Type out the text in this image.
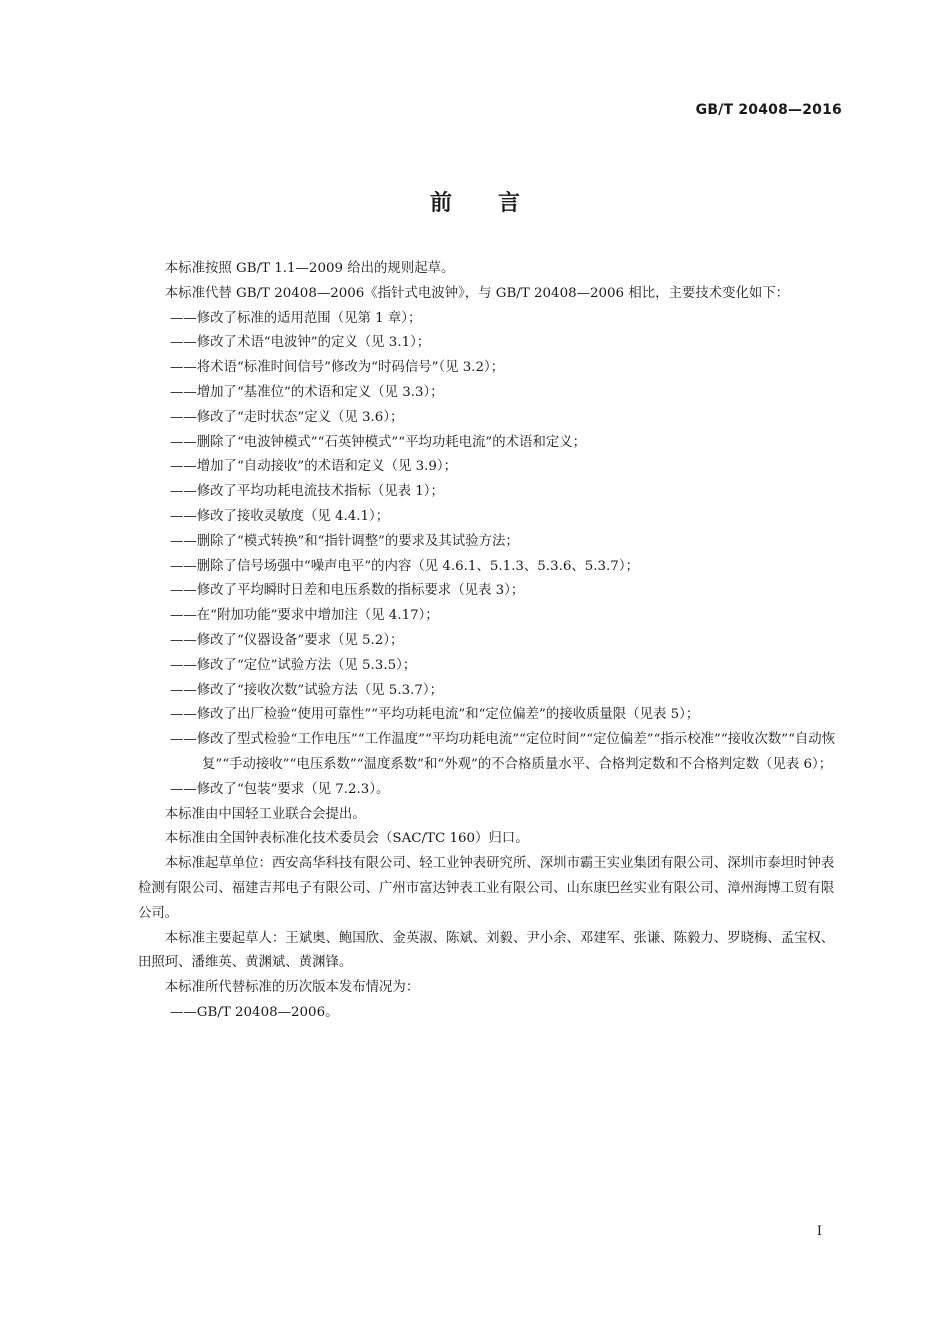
GB/T 20408—2016
前言

本标准按照 GB/T 1.1—2009 给出的规则起草。

本标准代替 GB/T 20408—2006《指针式电波钟》，与 GB/T 20408—2006 相比，主要技术变化如下：

——修改了标准的适用范围（见第 1 章）；

——修改了术语“电波钟”的定义（见 3.1）；

——将术语“标准时间信号”修改为“时码信号”（见 3.2）；

——增加了“基准位”的术语和定义（见 3.3）；

——修改了“走时状态”定义（见 3.6）；

——删除了“电波钟模式”“石英钟模式”“平均功耗电流”的术语和定义；

——增加了“自动接收”的术语和定义（见 3.9）；

——修改了平均功耗电流技术指标（见表 1）；

——修改了接收灵敏度（见 4.4.1）；

——删除了“模式转换”和“指针调整”的要求及其试验方法；

——删除了信号场强中“噪声电平”的内容（见 4.6.1、5.1.3、5.3.6、5.3.7）；

——修改了平均瞬时日差和电压系数的指标要求（见表 3）；

——在“附加功能”要求中增加注（见 4.17）；

——修改了“仪器设备”要求（见 5.2）；

——修改了“定位”试验方法（见 5.3.5）；

——修改了“接收次数”试验方法（见 5.3.7）；

——修改了出厂检验“使用可靠性”“平均功耗电流”和“定位偏差”的接收质量限（见表 5）；

——修改了型式检验“工作电压”“工作温度”“平均功耗电流”“定位时间”“定位偏差”“指示校准”“接收次数”“自动恢复”“手动接收”“电压系数”“温度系数”和“外观”的不合格质量水平、合格判定数和不合格判定数（见表 6）；

——修改了“包装”要求（见 7.2.3）。

本标准由中国轻工业联合会提出。

本标准由全国钟表标准化技术委员会（SAC/TC 160）归口。

本标准起草单位：西安高华科技有限公司、轻工业钟表研究所、深圳市霸王实业集团有限公司、深圳市泰坦时钟表检测有限公司、福建吉邦电子有限公司、广州市富达钟表工业有限公司、山东康巴丝实业有限公司、漳州海博工贸有限公司。

本标准主要起草人：王斌奥、鲍国欣、金英淑、陈斌、刘毅、尹小余、邓建军、张谦、陈毅力、罗晓梅、孟宝权、田照珂、潘维英、黄渊斌、黄渊锋。

本标准所代替标准的历次版本发布情况为：

——GB/T 20408—2006。

I
